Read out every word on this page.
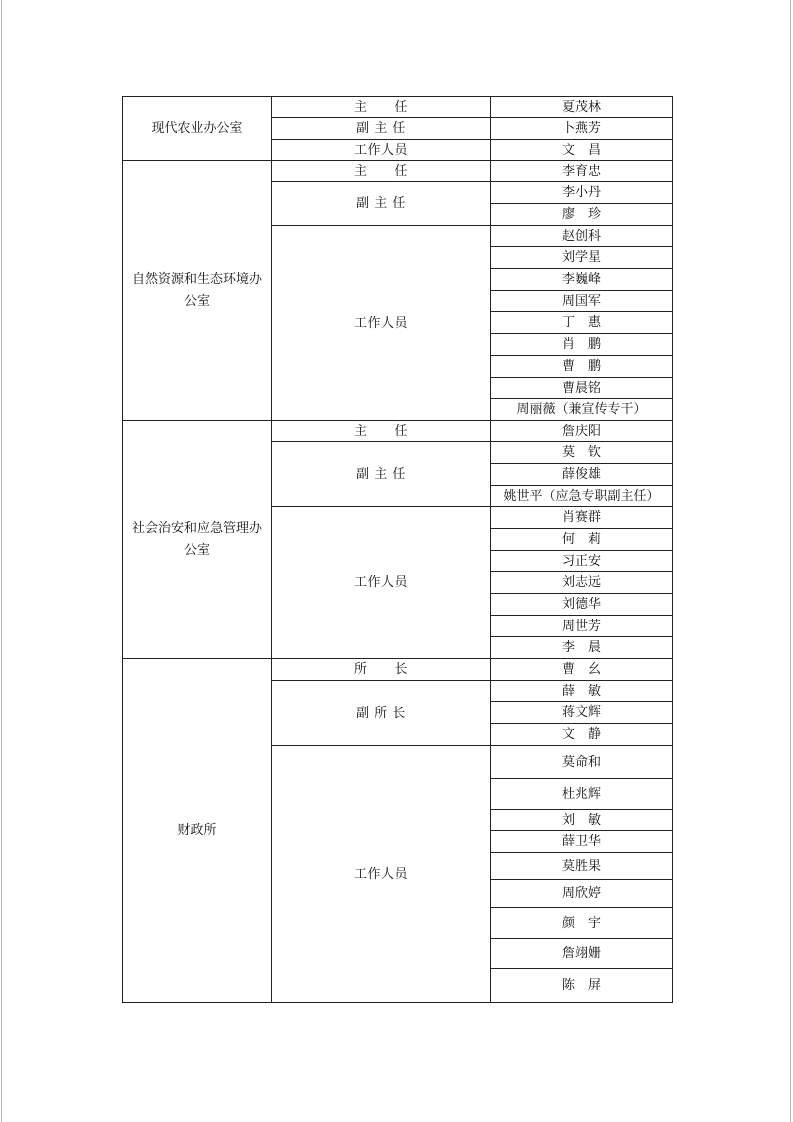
现代农业办公室	主　　任	夏茂林
	副 主 任	卜燕芳
	工作人员	文　昌
自然资源和生态环境办公室	主　　任	李育忠
	副 主 任	李小丹
		廖　珍
	工作人员	赵创科
		刘学星
		李巍峰
		周国军
		丁　惠
		肖　鹏
		曹　鹏
		曹晨铭
		周丽薇（兼宣传专干）
社会治安和应急管理办公室	主　　任	詹庆阳
	副 主 任	莫　钦
		薛俊雄
		姚世平（应急专职副主任）
	工作人员	肖赛群
		何　莉
		习正安
		刘志远
		刘德华
		周世芳
		李　晨
财政所	所　　长	曹　幺
	副 所 长	薛　敏
		蒋文辉
		文　静
	工作人员	莫命和
		杜兆辉
		刘　敏
		薛卫华
		莫胜果
		周欣婷
		颜　宇
		詹翊姗
		陈　屏
